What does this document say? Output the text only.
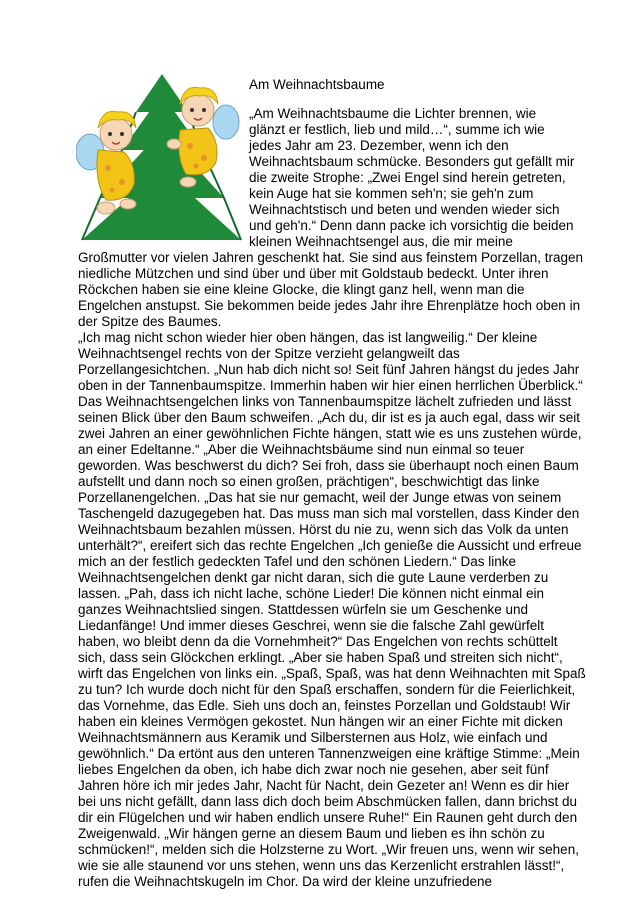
Am Weihnachtsbaume
„Am Weihnachtsbaume die Lichter brennen, wie
glänzt er festlich, lieb und mild…“, summe ich wie
jedes Jahr am 23. Dezember, wenn ich den
Weihnachtsbaum schmücke. Besonders gut gefällt mir
die zweite Strophe: „Zwei Engel sind herein getreten,
kein Auge hat sie kommen seh'n; sie geh'n zum
Weihnachtstisch und beten und wenden wieder sich
und geh'n.“ Denn dann packe ich vorsichtig die beiden
kleinen Weihnachtsengel aus, die mir meine
Großmutter vor vielen Jahren geschenkt hat. Sie sind aus feinstem Porzellan, tragen
niedliche Mützchen und sind über und über mit Goldstaub bedeckt. Unter ihren
Röckchen haben sie eine kleine Glocke, die klingt ganz hell, wenn man die
Engelchen anstupst. Sie bekommen beide jedes Jahr ihre Ehrenplätze hoch oben in
der Spitze des Baumes.
„Ich mag nicht schon wieder hier oben hängen, das ist langweilig.“ Der kleine
Weihnachtsengel rechts von der Spitze verzieht gelangweilt das
Porzellangesichtchen. „Nun hab dich nicht so! Seit fünf Jahren hängst du jedes Jahr
oben in der Tannenbaumspitze. Immerhin haben wir hier einen herrlichen Überblick.“
Das Weihnachtsengelchen links von Tannenbaumspitze lächelt zufrieden und lässt
seinen Blick über den Baum schweifen. „Ach du, dir ist es ja auch egal, dass wir seit
zwei Jahren an einer gewöhnlichen Fichte hängen, statt wie es uns zustehen würde,
an einer Edeltanne.“ „Aber die Weihnachtsbäume sind nun einmal so teuer
geworden. Was beschwerst du dich? Sei froh, dass sie überhaupt noch einen Baum
aufstellt und dann noch so einen großen, prächtigen“, beschwichtigt das linke
Porzellanengelchen. „Das hat sie nur gemacht, weil der Junge etwas von seinem
Taschengeld dazugegeben hat. Das muss man sich mal vorstellen, dass Kinder den
Weihnachtsbaum bezahlen müssen. Hörst du nie zu, wenn sich das Volk da unten
unterhält?“, ereifert sich das rechte Engelchen „Ich genieße die Aussicht und erfreue
mich an der festlich gedeckten Tafel und den schönen Liedern.“ Das linke
Weihnachtsengelchen denkt gar nicht daran, sich die gute Laune verderben zu
lassen. „Pah, dass ich nicht lache, schöne Lieder! Die können nicht einmal ein
ganzes Weihnachtslied singen. Stattdessen würfeln sie um Geschenke und
Liedanfänge! Und immer dieses Geschrei, wenn sie die falsche Zahl gewürfelt
haben, wo bleibt denn da die Vornehmheit?“ Das Engelchen von rechts schüttelt
sich, dass sein Glöckchen erklingt. „Aber sie haben Spaß und streiten sich nicht“,
wirft das Engelchen von links ein. „Spaß, Spaß, was hat denn Weihnachten mit Spaß
zu tun? Ich wurde doch nicht für den Spaß erschaffen, sondern für die Feierlichkeit,
das Vornehme, das Edle. Sieh uns doch an, feinstes Porzellan und Goldstaub! Wir
haben ein kleines Vermögen gekostet. Nun hängen wir an einer Fichte mit dicken
Weihnachtsmännern aus Keramik und Silbersternen aus Holz, wie einfach und
gewöhnlich.“ Da ertönt aus den unteren Tannenzweigen eine kräftige Stimme: „Mein
liebes Engelchen da oben, ich habe dich zwar noch nie gesehen, aber seit fünf
Jahren höre ich mir jedes Jahr, Nacht für Nacht, dein Gezeter an! Wenn es dir hier
bei uns nicht gefällt, dann lass dich doch beim Abschmücken fallen, dann brichst du
dir ein Flügelchen und wir haben endlich unsere Ruhe!“ Ein Raunen geht durch den
Zweigenwald. „Wir hängen gerne an diesem Baum und lieben es ihn schön zu
schmücken!“, melden sich die Holzsterne zu Wort. „Wir freuen uns, wenn wir sehen,
wie sie alle staunend vor uns stehen, wenn uns das Kerzenlicht erstrahlen lässt!“,
rufen die Weihnachtskugeln im Chor. Da wird der kleine unzufriedene
